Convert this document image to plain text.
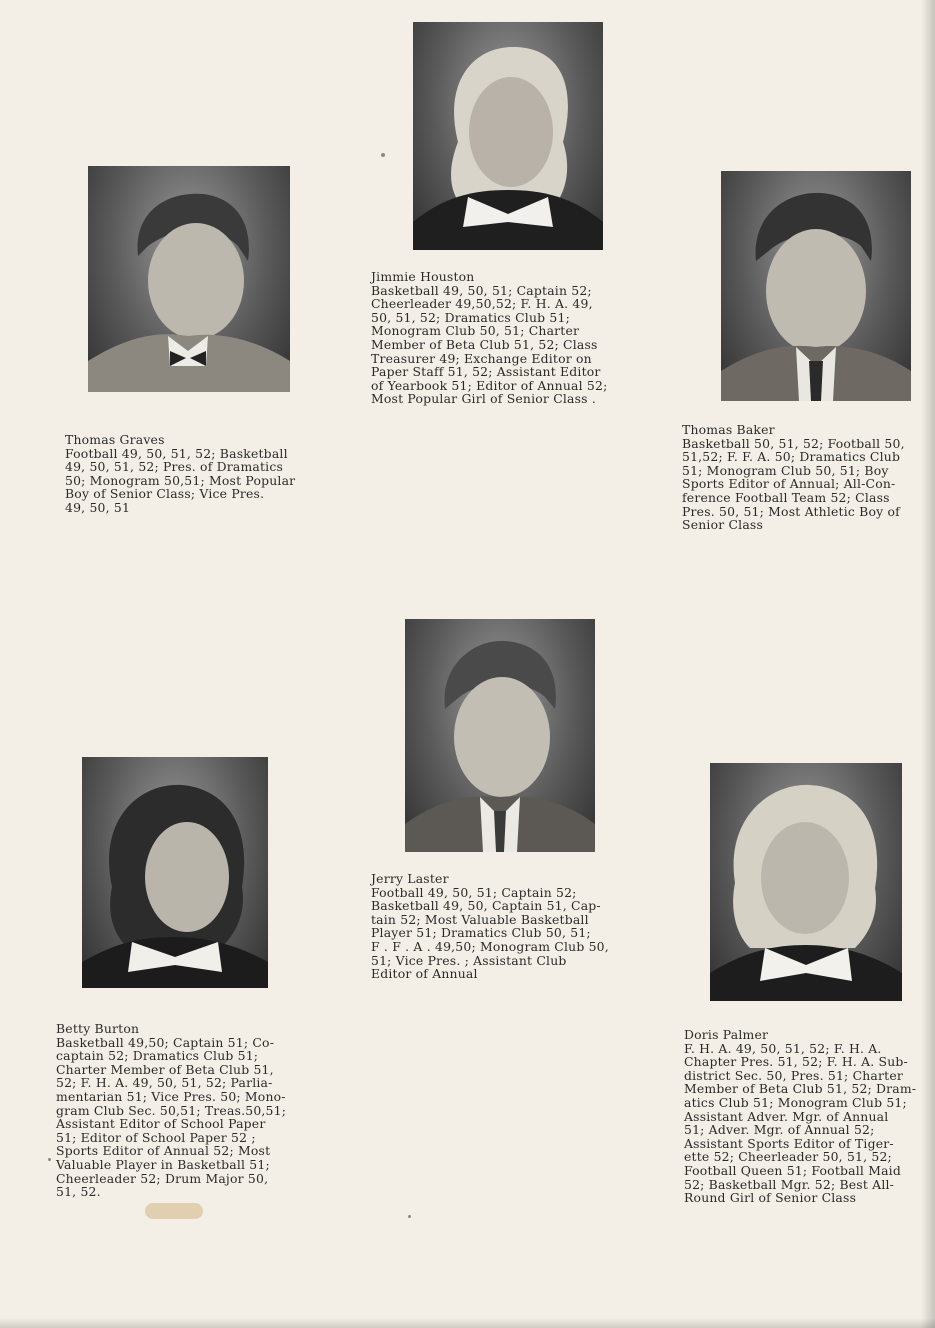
Jimmie Houston
Basketball 49, 50, 51; Captain 52;
Cheerleader 49,50,52; F. H. A. 49,
50, 51, 52; Dramatics Club 51;
Monogram Club 50, 51; Charter
Member of Beta Club 51, 52; Class
Treasurer 49; Exchange Editor on
Paper Staff 51, 52; Assistant Editor
of Yearbook 51; Editor of Annual 52;
Most Popular Girl of Senior Class .
Thomas Graves
Football 49, 50, 51, 52; Basketball
49, 50, 51, 52; Pres. of Dramatics
50; Monogram 50,51; Most Popular
Boy of Senior Class; Vice Pres.
49, 50, 51
Thomas Baker
Basketball 50, 51, 52; Football 50,
51,52; F. F. A. 50; Dramatics Club
51; Monogram Club 50, 51; Boy
Sports Editor of Annual; All-Con-
ference Football Team 52; Class
Pres. 50, 51; Most Athletic Boy of
Senior Class
Jerry Laster
Football 49, 50, 51; Captain 52;
Basketball 49, 50, Captain 51, Cap-
tain 52; Most Valuable Basketball
Player 51; Dramatics Club 50, 51;
F . F . A . 49,50; Monogram Club 50,
51; Vice Pres. ; Assistant Club
Editor of Annual
Betty Burton
Basketball 49,50; Captain 51; Co-
captain 52; Dramatics Club 51;
Charter Member of Beta Club 51,
52; F. H. A. 49, 50, 51, 52; Parlia-
mentarian 51; Vice Pres. 50; Mono-
gram Club Sec. 50,51; Treas.50,51;
Assistant Editor of School Paper
51; Editor of School Paper 52 ;
Sports Editor of Annual 52; Most
Valuable Player in Basketball 51;
Cheerleader 52; Drum Major 50,
51, 52.
Doris Palmer
F. H. A. 49, 50, 51, 52; F. H. A.
Chapter Pres. 51, 52; F. H. A. Sub-
district Sec. 50, Pres. 51; Charter
Member of Beta Club 51, 52; Dram-
atics Club 51; Monogram Club 51;
Assistant Adver. Mgr. of Annual
51; Adver. Mgr. of Annual 52;
Assistant Sports Editor of Tiger-
ette 52; Cheerleader 50, 51, 52;
Football Queen 51; Football Maid
52; Basketball Mgr. 52; Best All-
Round Girl of Senior Class
